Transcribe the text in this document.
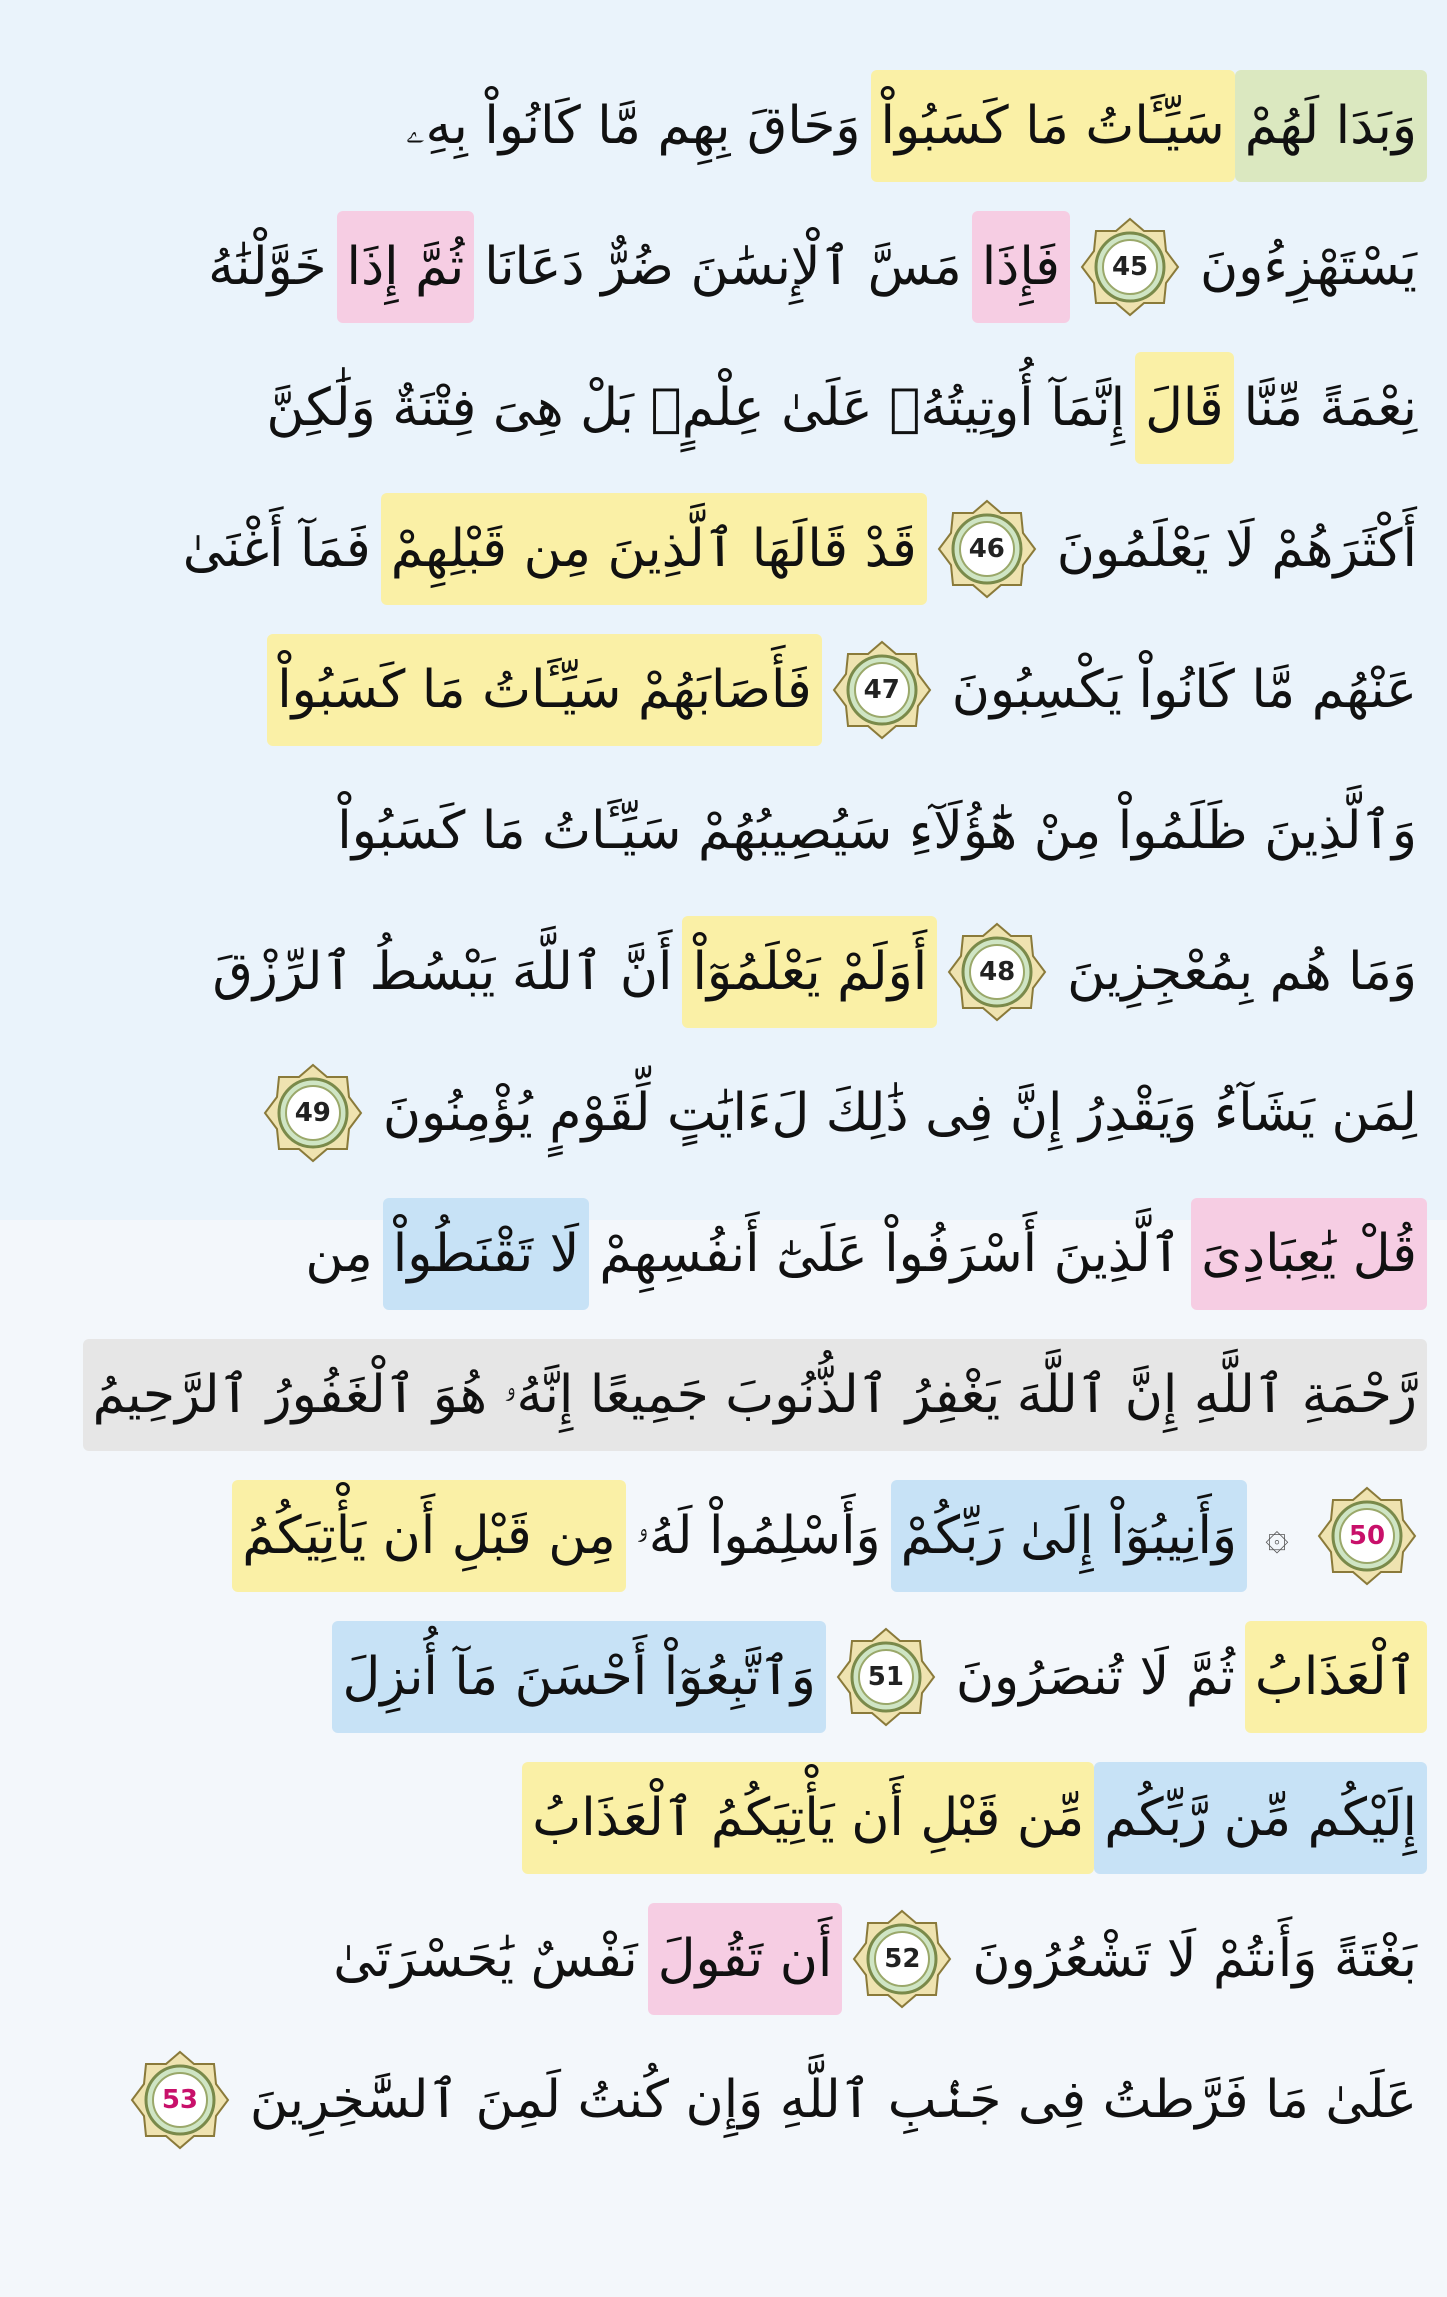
وَبَدَا لَهُمْ
سَيِّـَٔاتُ مَا كَسَبُواْ
وَحَاقَ بِهِم مَّا كَانُواْ بِهِۦ
يَسْتَهْزِءُونَ
45
فَإِذَا
مَسَّ ٱلْإِنسَٰنَ ضُرٌّ دَعَانَا
ثُمَّ إِذَا
خَوَّلْنَٰهُ
نِعْمَةً مِّنَّا
قَالَ
إِنَّمَآ أُوتِيتُهُۥ عَلَىٰ عِلْمٍۭ بَلْ هِىَ فِتْنَةٌ وَلَٰكِنَّ
أَكْثَرَهُمْ لَا يَعْلَمُونَ
46
قَدْ قَالَهَا ٱلَّذِينَ مِن قَبْلِهِمْ
فَمَآ أَغْنَىٰ
عَنْهُم مَّا كَانُواْ يَكْسِبُونَ
47
فَأَصَابَهُمْ سَيِّـَٔاتُ مَا كَسَبُواْ
وَٱلَّذِينَ ظَلَمُواْ مِنْ هَٰٓؤُلَآءِ سَيُصِيبُهُمْ سَيِّـَٔاتُ مَا كَسَبُواْ
وَمَا هُم بِمُعْجِزِينَ
48
أَوَلَمْ يَعْلَمُوٓاْ
أَنَّ ٱللَّهَ يَبْسُطُ ٱلرِّزْقَ
لِمَن يَشَآءُ وَيَقْدِرُ إِنَّ فِى ذَٰلِكَ لَءَايَٰتٍ لِّقَوْمٍ يُؤْمِنُونَ
49
قُلْ يَٰعِبَادِىَ
ٱلَّذِينَ أَسْرَفُواْ عَلَىٰٓ أَنفُسِهِمْ
لَا تَقْنَطُواْ
مِن
رَّحْمَةِ ٱللَّهِ إِنَّ ٱللَّهَ يَغْفِرُ ٱلذُّنُوبَ جَمِيعًا إِنَّهُۥ هُوَ ٱلْغَفُورُ ٱلرَّحِيمُ
50
۞
وَأَنِيبُوٓاْ إِلَىٰ رَبِّكُمْ
وَأَسْلِمُواْ لَهُۥ
مِن قَبْلِ أَن يَأْتِيَكُمُ
ٱلْعَذَابُ
ثُمَّ لَا تُنصَرُونَ
51
وَٱتَّبِعُوٓاْ أَحْسَنَ مَآ أُنزِلَ
إِلَيْكُم مِّن رَّبِّكُم
مِّن قَبْلِ أَن يَأْتِيَكُمُ ٱلْعَذَابُ
بَغْتَةً وَأَنتُمْ لَا تَشْعُرُونَ
52
أَن تَقُولَ
نَفْسٌ يَٰحَسْرَتَىٰ
عَلَىٰ مَا فَرَّطتُ فِى جَنۢبِ ٱللَّهِ وَإِن كُنتُ لَمِنَ ٱلسَّٰخِرِينَ
53
